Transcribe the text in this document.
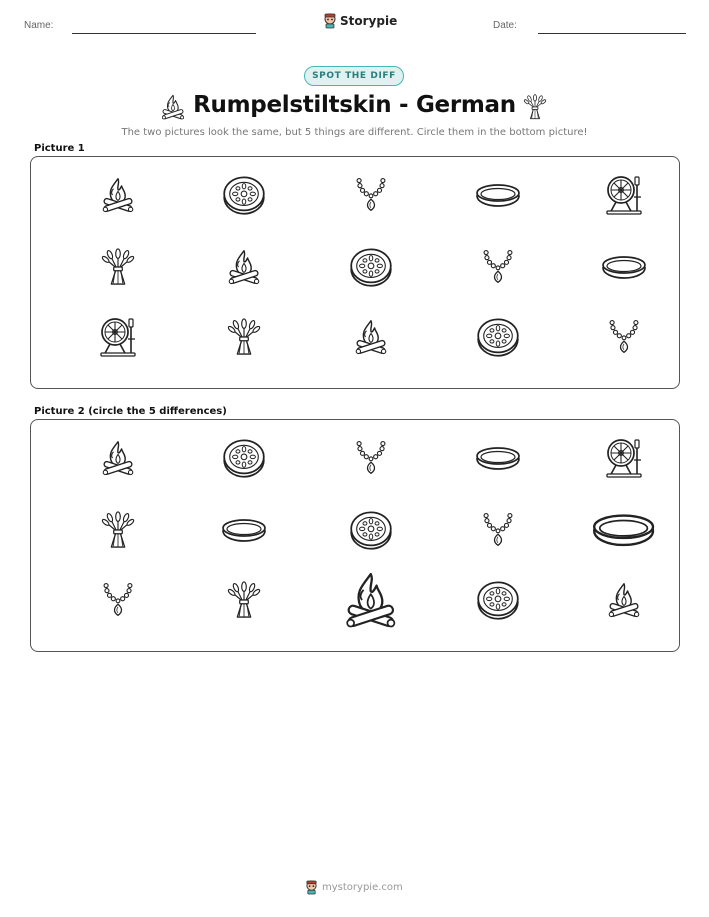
Name:	Storypie	Date:
SPOT THE DIFF
Rumpelstiltskin - German
The two pictures look the same, but 5 things are different. Circle them in the bottom picture!
Picture 1
Picture 2 (circle the 5 differences)
mystorypie.com
